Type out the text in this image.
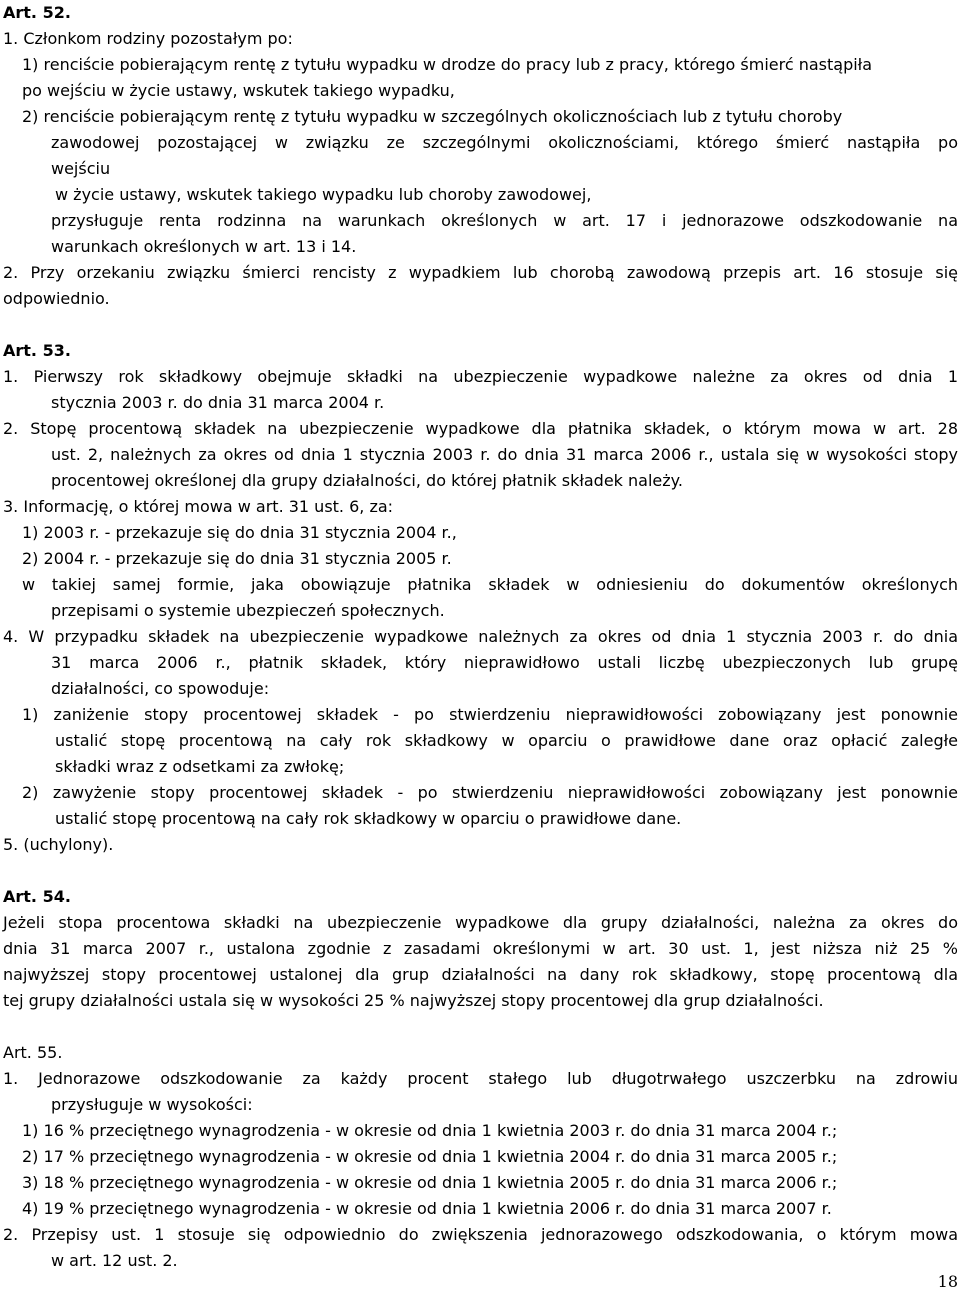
Art. 52.

1. Członkom rodziny pozostałym po:

1) renciście pobierającym rentę z tytułu wypadku w drodze do pracy lub z pracy, którego śmierć nastąpiła

po wejściu w życie ustawy, wskutek takiego wypadku,

2) renciście pobierającym rentę z tytułu wypadku w szczególnych okolicznościach lub z tytułu choroby

zawodowej pozostającej w związku ze szczególnymi okolicznościami, którego śmierć nastąpiła po

wejściu

w życie ustawy, wskutek takiego wypadku lub choroby zawodowej,

przysługuje renta rodzinna na warunkach określonych w art. 17 i jednorazowe odszkodowanie na

warunkach określonych w art. 13 i 14.

2. Przy orzekaniu związku śmierci rencisty z wypadkiem lub chorobą zawodową przepis art. 16 stosuje się

odpowiednio.

Art. 53.

1. Pierwszy rok składkowy obejmuje składki na ubezpieczenie wypadkowe należne za okres od dnia 1

stycznia 2003 r. do dnia 31 marca 2004 r.

2. Stopę procentową składek na ubezpieczenie wypadkowe dla płatnika składek, o którym mowa w art. 28

ust. 2, należnych za okres od dnia 1 stycznia 2003 r. do dnia 31 marca 2006 r., ustala się w wysokości stopy

procentowej określonej dla grupy działalności, do której płatnik składek należy.

3. Informację, o której mowa w art. 31 ust. 6, za:

1) 2003 r. - przekazuje się do dnia 31 stycznia 2004 r.,

2) 2004 r. - przekazuje się do dnia 31 stycznia 2005 r.

w takiej samej formie, jaka obowiązuje płatnika składek w odniesieniu do dokumentów określonych

przepisami o systemie ubezpieczeń społecznych.

4. W przypadku składek na ubezpieczenie wypadkowe należnych za okres od dnia 1 stycznia 2003 r. do dnia

31 marca 2006 r., płatnik składek, który nieprawidłowo ustali liczbę ubezpieczonych lub grupę

działalności, co spowoduje:

1) zaniżenie stopy procentowej składek - po stwierdzeniu nieprawidłowości zobowiązany jest ponownie

ustalić stopę procentową na cały rok składkowy w oparciu o prawidłowe dane oraz opłacić zaległe

składki wraz z odsetkami za zwłokę;

2) zawyżenie stopy procentowej składek - po stwierdzeniu nieprawidłowości zobowiązany jest ponownie

ustalić stopę procentową na cały rok składkowy w oparciu o prawidłowe dane.

5. (uchylony).

Art. 54.

Jeżeli stopa procentowa składki na ubezpieczenie wypadkowe dla grupy działalności, należna za okres do

dnia 31 marca 2007 r., ustalona zgodnie z zasadami określonymi w art. 30 ust. 1, jest niższa niż 25 %

najwyższej stopy procentowej ustalonej dla grup działalności na dany rok składkowy, stopę procentową dla

tej grupy działalności ustala się w wysokości 25 % najwyższej stopy procentowej dla grup działalności.

Art. 55.

1. Jednorazowe odszkodowanie za każdy procent stałego lub długotrwałego uszczerbku na zdrowiu

przysługuje w wysokości:

1) 16 % przeciętnego wynagrodzenia - w okresie od dnia 1 kwietnia 2003 r. do dnia 31 marca 2004 r.;

2) 17 % przeciętnego wynagrodzenia - w okresie od dnia 1 kwietnia 2004 r. do dnia 31 marca 2005 r.;

3) 18 % przeciętnego wynagrodzenia - w okresie od dnia 1 kwietnia 2005 r. do dnia 31 marca 2006 r.;

4) 19 % przeciętnego wynagrodzenia - w okresie od dnia 1 kwietnia 2006 r. do dnia 31 marca 2007 r.

2. Przepisy ust. 1 stosuje się odpowiednio do zwiększenia jednorazowego odszkodowania, o którym mowa

w art. 12 ust. 2.

18
